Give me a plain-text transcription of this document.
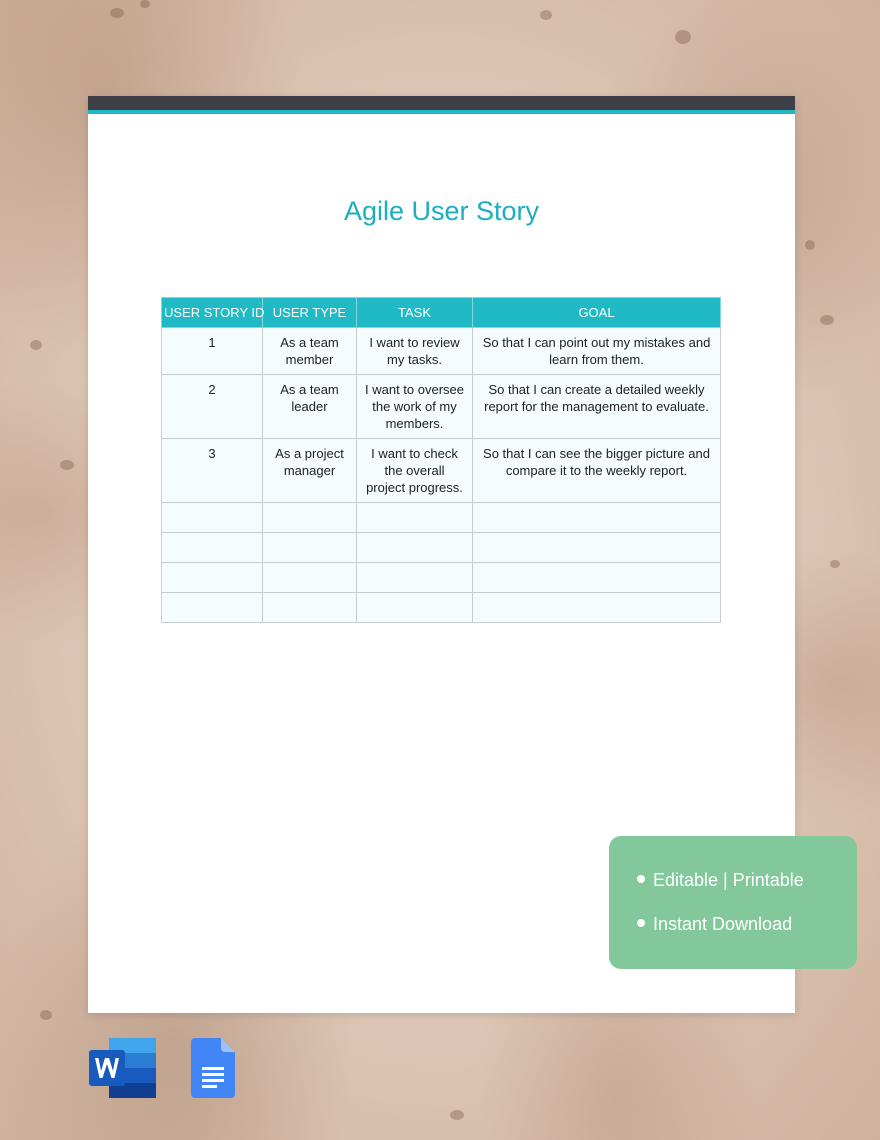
Agile User Story
USER STORY ID	USER TYPE	TASK	GOAL
1	As a team member	I want to review my tasks.	So that I can point out my mistakes and learn from them.
2	As a team leader	I want to oversee the work of my members.	So that I can create a detailed weekly report for the management to evaluate.
3	As a project manager	I want to check the overall project progress.	So that I can see the bigger picture and compare it to the weekly report.

Editable | Printable
Instant Download
